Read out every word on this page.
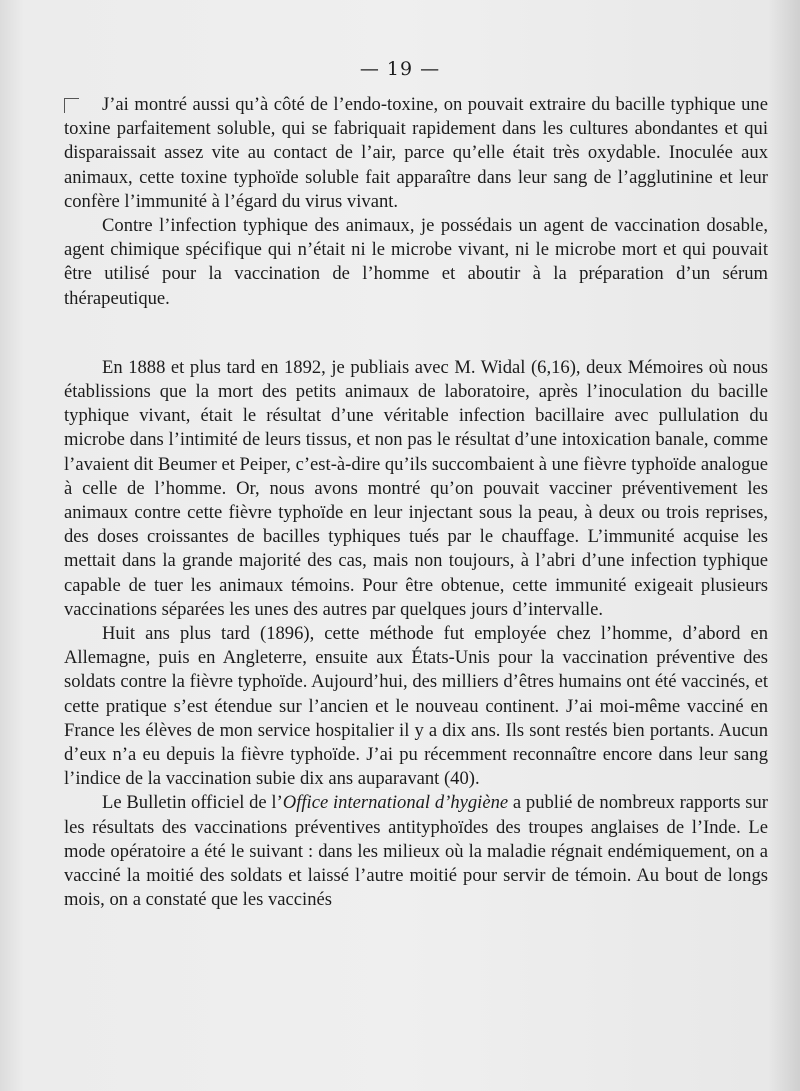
— 19 —

J’ai montré aussi qu’à côté de l’endo-toxine, on pouvait extraire du bacille typhique une toxine parfaitement soluble, qui se fabriquait rapidement dans les cultures abondantes et qui disparaissait assez vite au contact de l’air, parce qu’elle était très oxydable. Inoculée aux animaux, cette toxine typhoïde soluble fait apparaître dans leur sang de l’agglutinine et leur confère l’immunité à l’égard du virus vivant.

Contre l’infection typhique des animaux, je possédais un agent de vaccination dosable, agent chimique spécifique qui n’était ni le microbe vivant, ni le microbe mort et qui pouvait être utilisé pour la vaccination de l’homme et aboutir à la préparation d’un sérum thérapeutique.

En 1888 et plus tard en 1892, je publiais avec M. Widal (6,16), deux Mémoires où nous établissions que la mort des petits animaux de laboratoire, après l’inoculation du bacille typhique vivant, était le résultat d’une véritable infection bacillaire avec pullulation du microbe dans l’intimité de leurs tissus, et non pas le résultat d’une intoxication banale, comme l’avaient dit Beumer et Peiper, c’est-à-dire qu’ils succombaient à une fièvre typhoïde analogue à celle de l’homme. Or, nous avons montré qu’on pouvait vacciner préventivement les animaux contre cette fièvre typhoïde en leur injectant sous la peau, à deux ou trois reprises, des doses croissantes de bacilles typhiques tués par le chauffage. L’immunité acquise les mettait dans la grande majorité des cas, mais non toujours, à l’abri d’une infection typhique capable de tuer les animaux témoins. Pour être obtenue, cette immunité exigeait plusieurs vaccinations séparées les unes des autres par quelques jours d’intervalle.

Huit ans plus tard (1896), cette méthode fut employée chez l’homme, d’abord en Allemagne, puis en Angleterre, ensuite aux États-Unis pour la vaccination préventive des soldats contre la fièvre typhoïde. Aujourd’hui, des milliers d’êtres humains ont été vaccinés, et cette pratique s’est étendue sur l’ancien et le nouveau continent. J’ai moi-même vacciné en France les élèves de mon service hospitalier il y a dix ans. Ils sont restés bien portants. Aucun d’eux n’a eu depuis la fièvre typhoïde. J’ai pu récemment reconnaître encore dans leur sang l’indice de la vaccination subie dix ans auparavant (40).

Le Bulletin officiel de l’Office international d’hygiène a publié de nombreux rapports sur les résultats des vaccinations préventives antityphoïdes des troupes anglaises de l’Inde. Le mode opératoire a été le suivant : dans les milieux où la maladie régnait endémiquement, on a vacciné la moitié des soldats et laissé l’autre moitié pour servir de témoin. Au bout de longs mois, on a constaté que les vaccinés
